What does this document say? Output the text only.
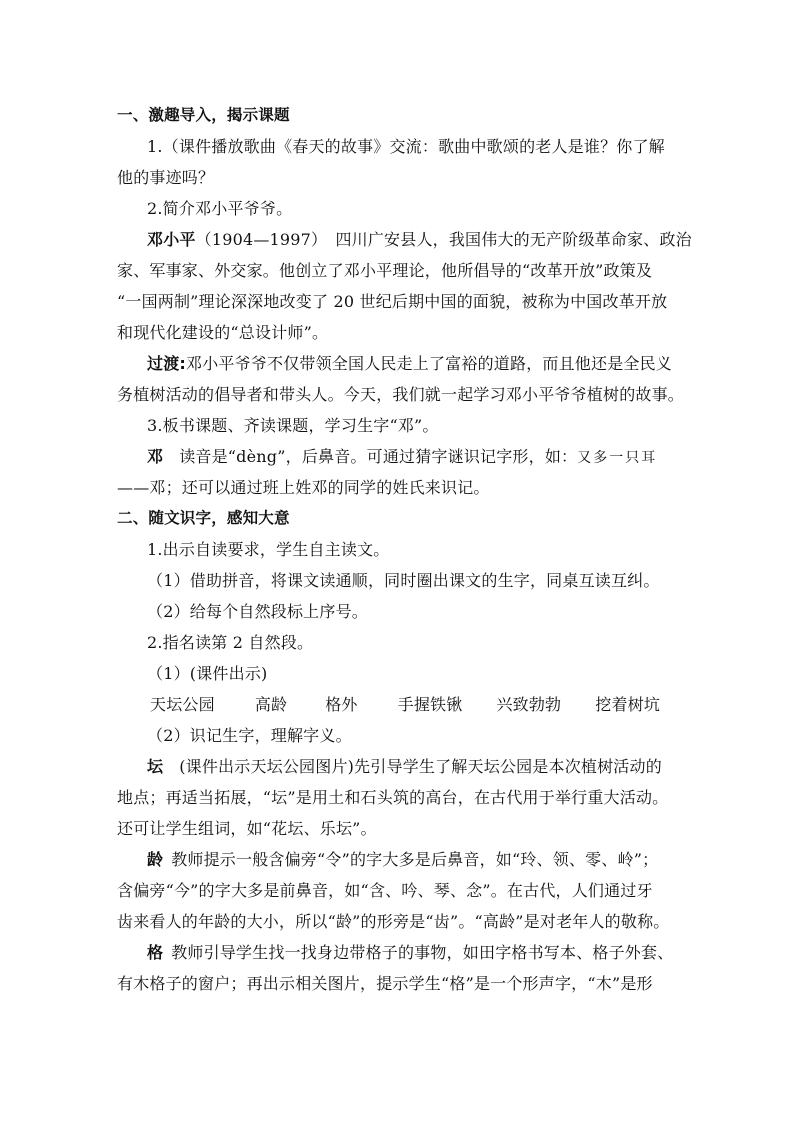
一、激趣导入，揭示课题
1.（课件播放歌曲《春天的故事》交流：歌曲中歌颂的老人是谁？你了解
他的事迹吗？
2.简介邓小平爷爷。
邓小平（1904—1997）　四川广安县人，我国伟大的无产阶级革命家、政治
家、军事家、外交家。他创立了邓小平理论，他所倡导的“改革开放”政策及
“一国两制”理论深深地改变了 20 世纪后期中国的面貌，被称为中国改革开放
和现代化建设的“总设计师”。
过渡:邓小平爷爷不仅带领全国人民走上了富裕的道路，而且他还是全民义
务植树活动的倡导者和带头人。今天，我们就一起学习邓小平爷爷植树的故事。
3.板书课题、齐读课题，学习生字“邓”。
邓 读音是“dèng”，后鼻音。可通过猜字谜识记字形，如：又多一只耳
——邓；还可以通过班上姓邓的同学的姓氏来识记。
二、随文识字，感知大意
1.出示自读要求，学生自主读文。
（1）借助拼音，将课文读通顺，同时圈出课文的生字，同桌互读互纠。
（2）给每个自然段标上序号。
2.指名读第 2 自然段。
（1）(课件出示)
天坛公园	高龄 格外	手握铁锹 兴致勃勃 挖着树坑
（2）识记生字，理解字义。
坛 (课件出示天坛公园图片)先引导学生了解天坛公园是本次植树活动的
地点；再适当拓展，“坛”是用土和石头筑的高台，在古代用于举行重大活动。
还可让学生组词，如“花坛、乐坛”。
龄 教师提示一般含偏旁“令”的字大多是后鼻音，如“玲、领、零、岭”；
含偏旁“今”的字大多是前鼻音，如“含、吟、琴、念”。在古代，人们通过牙
齿来看人的年龄的大小，所以“龄”的形旁是“齿”。“高龄”是对老年人的敬称。
格 教师引导学生找一找身边带格子的事物，如田字格书写本、格子外套、
有木格子的窗户；再出示相关图片，提示学生“格”是一个形声字，“木”是形
